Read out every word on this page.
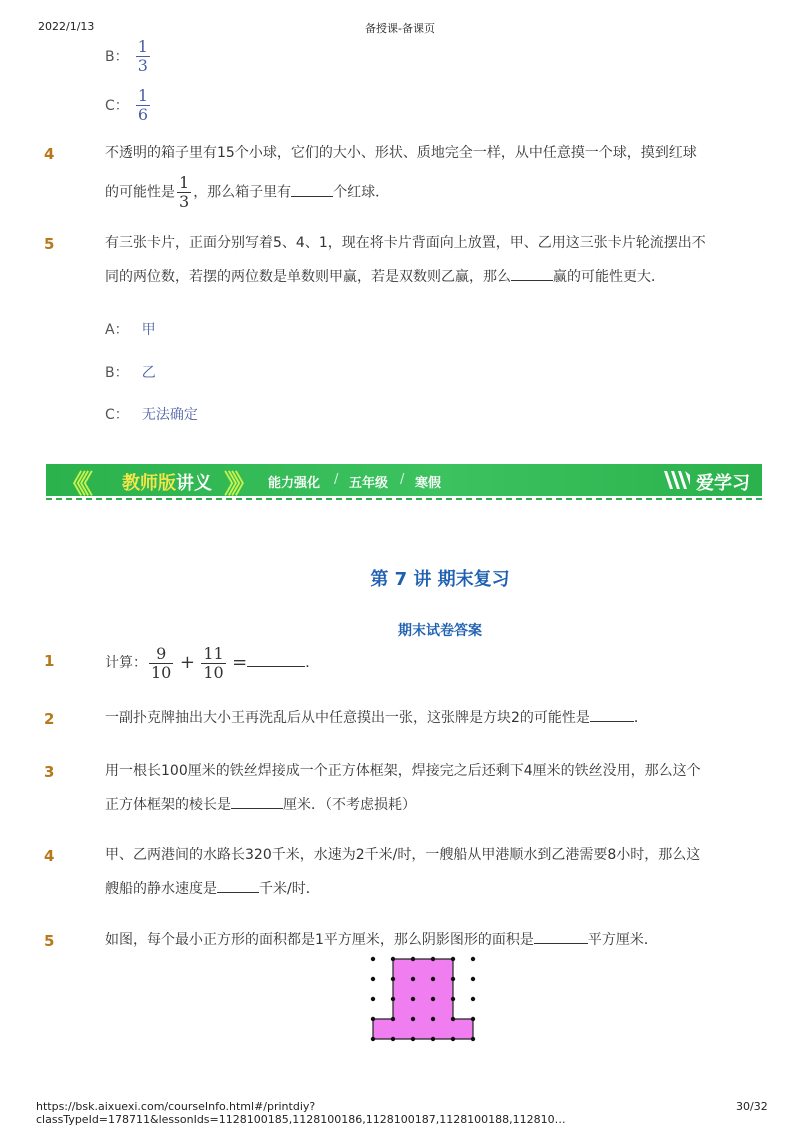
2022/1/13	备授课-备课页
B： $\frac{1}{3}$
C： $\frac{1}{6}$
4	不透明的箱子里有15个小球，它们的大小、形状、质地完全一样，从中任意摸一个球，摸到红球
的可能性是 $\frac{1}{3}$ ，那么箱子里有	个红球．
5	有三张卡片，正面分别写着5、4、1，现在将卡片背面向上放置，甲、乙用这三张卡片轮流摆出不
同的两位数，若摆的两位数是单数则甲赢，若是双数则乙赢，那么	赢的可能性更大．
A： 甲
B： 乙
C： 无法确定
《《 教师版讲义 》》 能力强化 / 五年级 / 寒假	爱学习
第 7 讲 期末复习
期末试卷答案
1	计算： $\frac{9}{10} + \frac{11}{10}$ =	．
2	一副扑克牌抽出大小王再洗乱后从中任意摸出一张，这张牌是方块2的可能性是	．
3	用一根长100厘米的铁丝焊接成一个正方体框架，焊接完之后还剩下4厘米的铁丝没用，那么这个
正方体框架的棱长是	厘米．（不考虑损耗）
4	甲、乙两港间的水路长320千米，水速为2千米/时，一艘船从甲港顺水到乙港需要8小时，那么这
艘船的静水速度是	千米/时．
5	如图，每个最小正方形的面积都是1平方厘米，那么阴影图形的面积是	平方厘米．
https://bsk.aixuexi.com/courseInfo.html#/printdiy?classTypeId=178711&lessonIds=1128100185,1128100186,1128100187,1128100188,112810…
30/32
